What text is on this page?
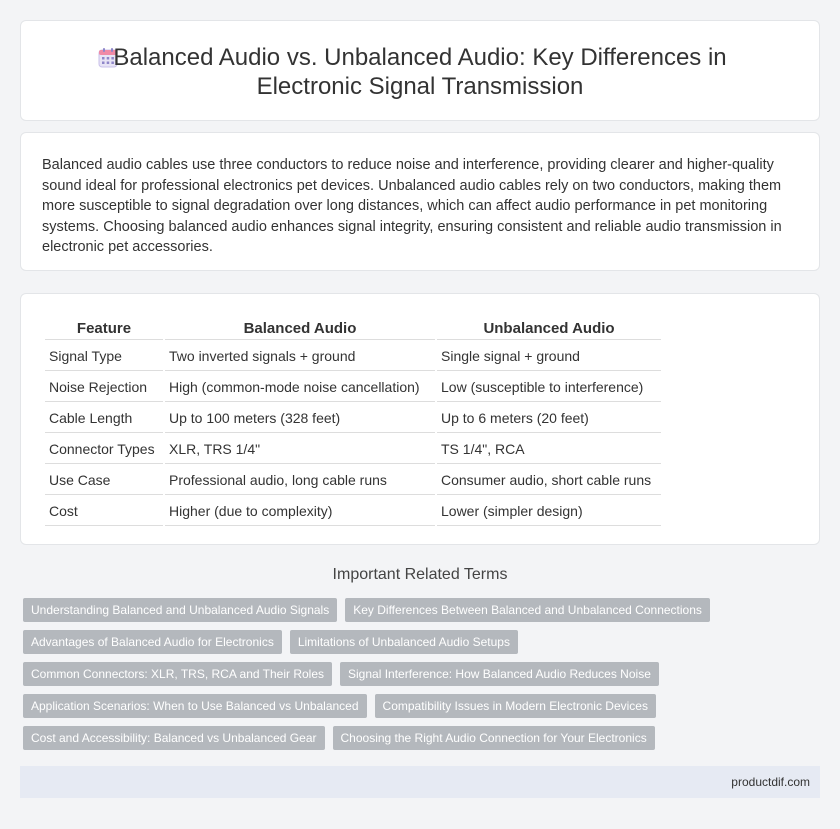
Balanced Audio vs. Unbalanced Audio: Key Differences in Electronic Signal Transmission

Balanced audio cables use three conductors to reduce noise and interference, providing clearer and higher-quality sound ideal for professional electronics pet devices. Unbalanced audio cables rely on two conductors, making them more susceptible to signal degradation over long distances, which can affect audio performance in pet monitoring systems. Choosing balanced audio enhances signal integrity, ensuring consistent and reliable audio transmission in electronic pet accessories.

Feature	Balanced Audio	Unbalanced Audio
Signal Type	Two inverted signals + ground	Single signal + ground
Noise Rejection	High (common-mode noise cancellation)	Low (susceptible to interference)
Cable Length	Up to 100 meters (328 feet)	Up to 6 meters (20 feet)
Connector Types	XLR, TRS 1/4"	TS 1/4", RCA
Use Case	Professional audio, long cable runs	Consumer audio, short cable runs
Cost	Higher (due to complexity)	Lower (simpler design)
Important Related Terms
Understanding Balanced and Unbalanced Audio Signals	Key Differences Between Balanced and Unbalanced Connections
Advantages of Balanced Audio for Electronics	Limitations of Unbalanced Audio Setups
Common Connectors: XLR, TRS, RCA and Their Roles	Signal Interference: How Balanced Audio Reduces Noise
Application Scenarios: When to Use Balanced vs Unbalanced	Compatibility Issues in Modern Electronic Devices
Cost and Accessibility: Balanced vs Unbalanced Gear	Choosing the Right Audio Connection for Your Electronics
productdif.com
